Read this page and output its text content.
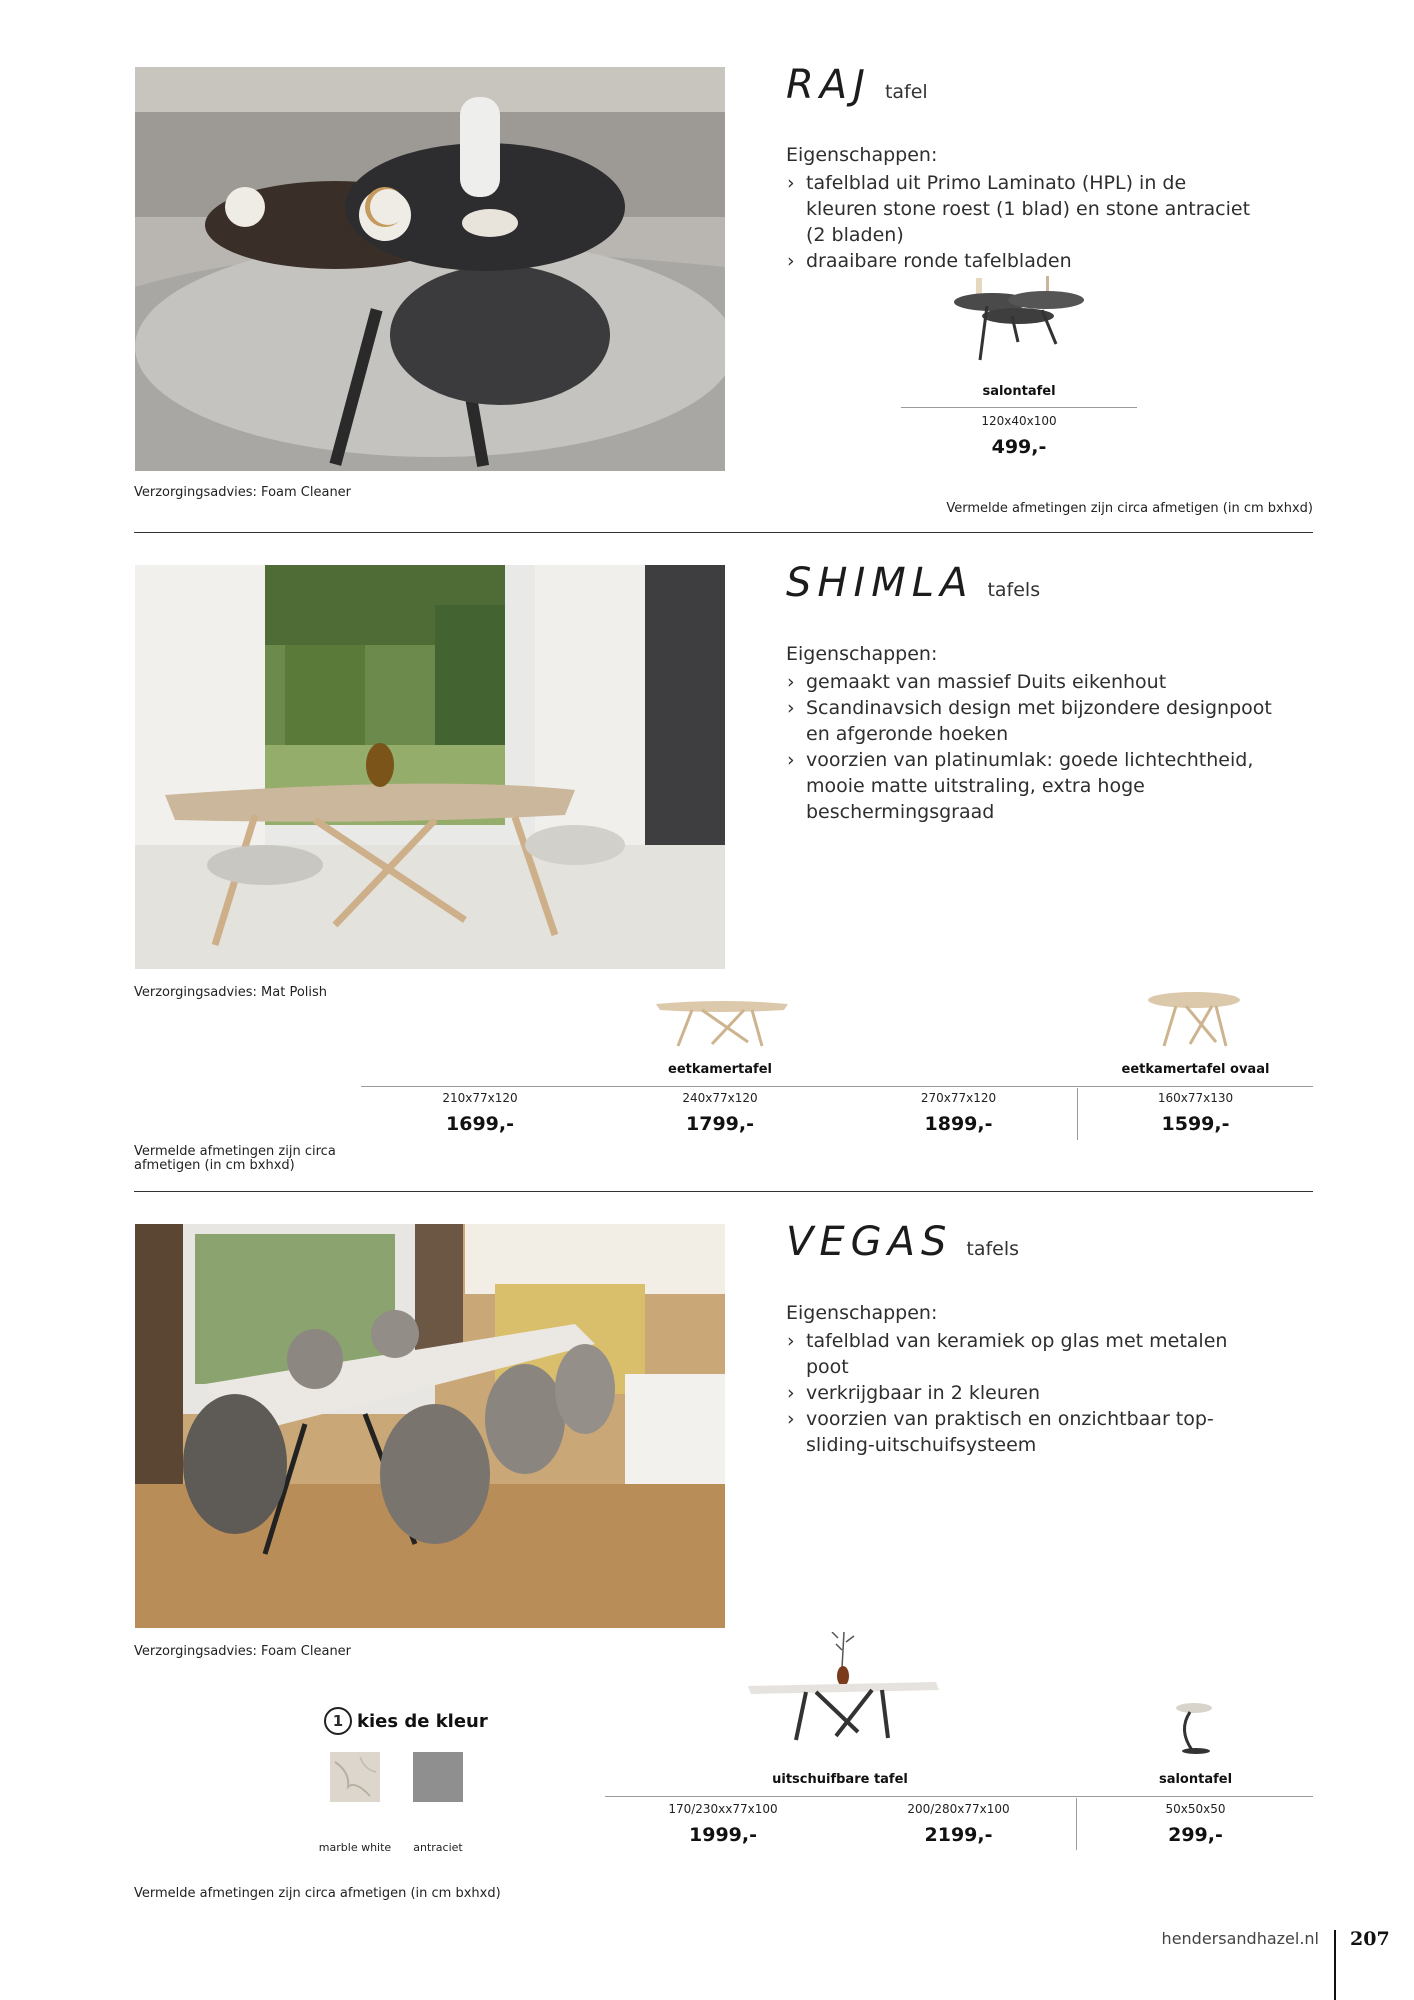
RAJ tafel
Eigenschappen:
› tafelblad uit Primo Laminato (HPL) in de kleuren stone roest (1 blad) en stone antraciet (2 bladen)
› draaibare ronde tafelbladen
salontafel
120x40x100
499,-
Verzorgingsadvies: Foam Cleaner
Vermelde afmetingen zijn circa afmetigen (in cm bxhxd)
SHIMLA tafels
Eigenschappen:
› gemaakt van massief Duits eikenhout
› Scandinavsich design met bijzondere designpoot en afgeronde hoeken
› voorzien van platinumlak: goede lichtechtheid, mooie matte uitstraling, extra hoge beschermingsgraad
Verzorgingsadvies: Mat Polish
eetkamertafel	eetkamertafel ovaal
210x77x120	240x77x120	270x77x120	160x77x130
1699,-	1799,-	1899,-	1599,-
Vermelde afmetingen zijn circa afmetigen (in cm bxhxd)
VEGAS tafels
Eigenschappen:
› tafelblad van keramiek op glas met metalen poot
› verkrijgbaar in 2 kleuren
› voorzien van praktisch en onzichtbaar top-sliding-uitschuifsysteem
Verzorgingsadvies: Foam Cleaner
1 kies de kleur
marble white	antraciet
uitschuifbare tafel	salontafel
170/230xx77x100	200/280x77x100	50x50x50
1999,-	2199,-	299,-
Vermelde afmetingen zijn circa afmetigen (in cm bxhxd)
hendersandhazel.nl 207
